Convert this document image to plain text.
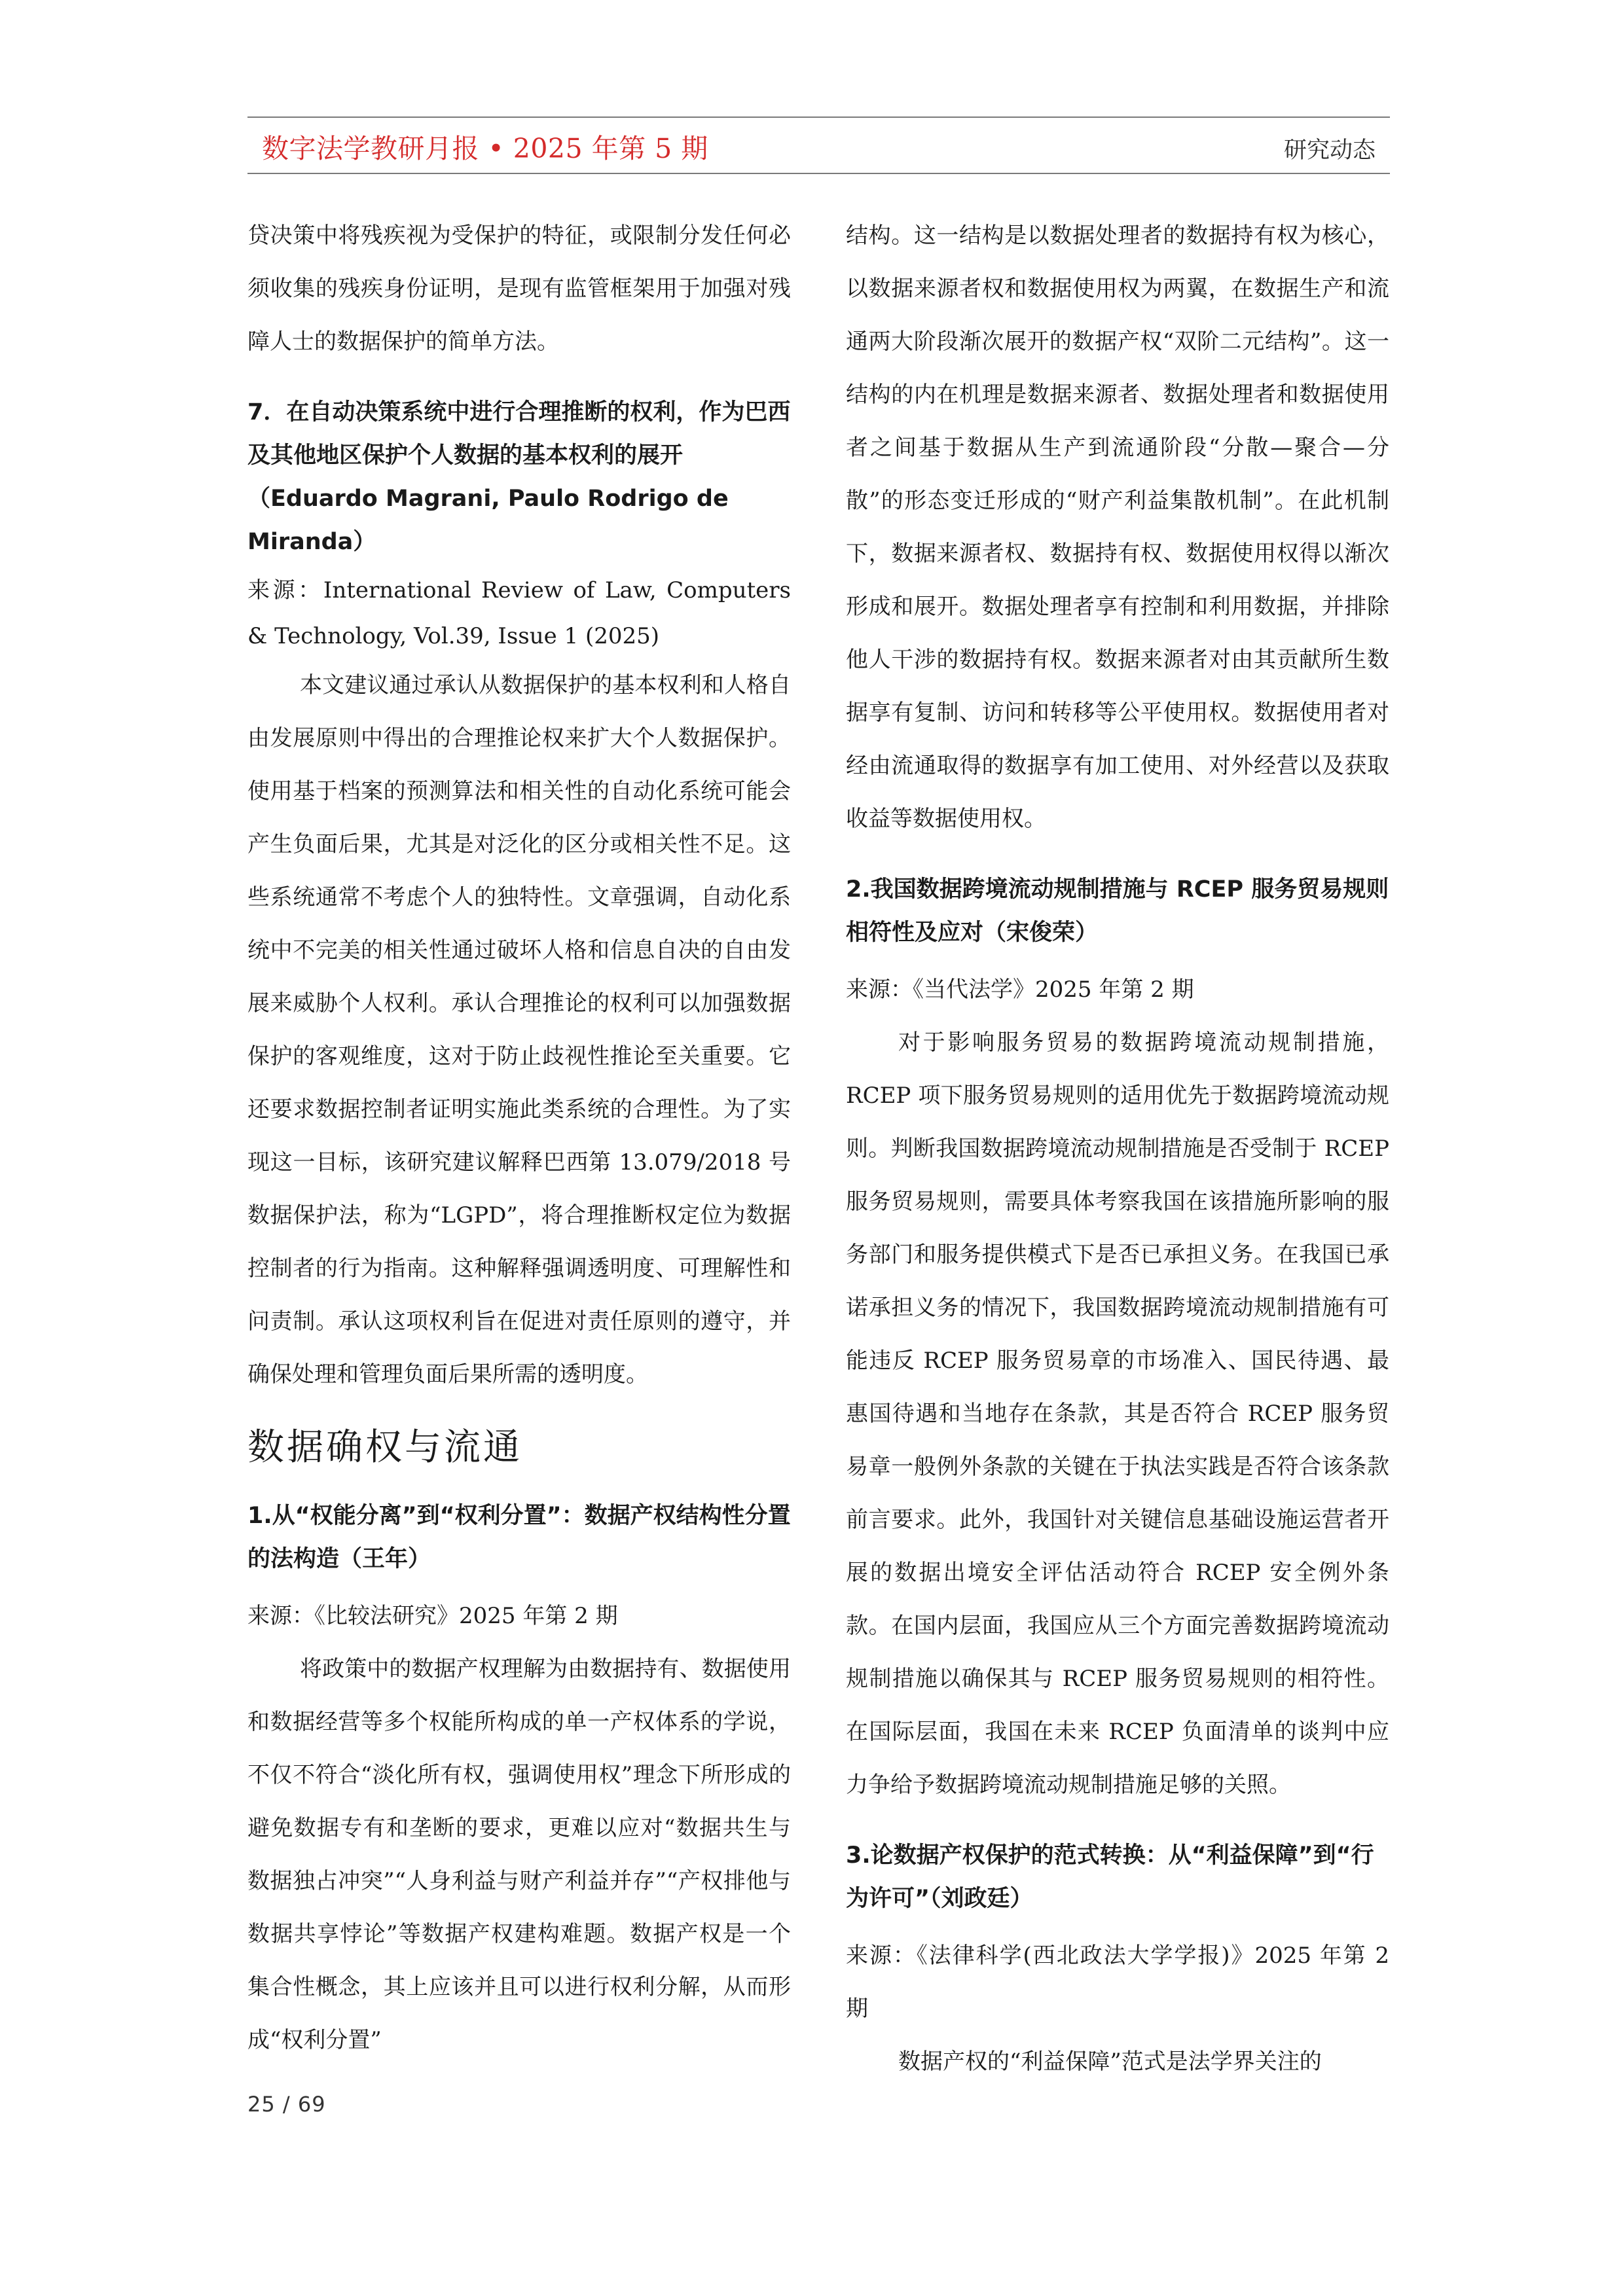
数字法学教研月报 • 2025 年第 5 期	研究动态

贷决策中将残疾视为受保护的特征，或限制分发任何必须收集的残疾身份证明，是现有监管框架用于加强对残障人士的数据保护的简单方法。

7．在自动决策系统中进行合理推断的权利，作为巴西及其他地区保护个人数据的基本权利的展开（Eduardo Magrani, Paulo Rodrigo de Miranda）

来源：International Review of Law, Computers & Technology, Vol.39, Issue 1 (2025)

本文建议通过承认从数据保护的基本权利和人格自由发展原则中得出的合理推论权来扩大个人数据保护。使用基于档案的预测算法和相关性的自动化系统可能会产生负面后果，尤其是对泛化的区分或相关性不足。这些系统通常不考虑个人的独特性。文章强调，自动化系统中不完美的相关性通过破坏人格和信息自决的自由发展来威胁个人权利。承认合理推论的权利可以加强数据保护的客观维度，这对于防止歧视性推论至关重要。它还要求数据控制者证明实施此类系统的合理性。为了实现这一目标，该研究建议解释巴西第 13.079/2018 号数据保护法，称为“LGPD”，将合理推断权定位为数据控制者的行为指南。这种解释强调透明度、可理解性和问责制。承认这项权利旨在促进对责任原则的遵守，并确保处理和管理负面后果所需的透明度。

数据确权与流通

1.从“权能分离”到“权利分置”：数据产权结构性分置的法构造（王年）

来源：《比较法研究》2025 年第 2 期

将政策中的数据产权理解为由数据持有、数据使用和数据经营等多个权能所构成的单一产权体系的学说，不仅不符合“淡化所有权，强调使用权”理念下所形成的避免数据专有和垄断的要求，更难以应对“数据共生与数据独占冲突”“人身利益与财产利益并存”“产权排他与数据共享悖论”等数据产权建构难题。数据产权是一个集合性概念，其上应该并且可以进行权利分解，从而形成“权利分置”

结构。这一结构是以数据处理者的数据持有权为核心，以数据来源者权和数据使用权为两翼，在数据生产和流通两大阶段渐次展开的数据产权“双阶二元结构”。这一结构的内在机理是数据来源者、数据处理者和数据使用者之间基于数据从生产到流通阶段“分散—聚合—分散”的形态变迁形成的“财产利益集散机制”。在此机制下，数据来源者权、数据持有权、数据使用权得以渐次形成和展开。数据处理者享有控制和利用数据，并排除他人干涉的数据持有权。数据来源者对由其贡献所生数据享有复制、访问和转移等公平使用权。数据使用者对经由流通取得的数据享有加工使用、对外经营以及获取收益等数据使用权。

2.我国数据跨境流动规制措施与 RCEP 服务贸易规则相符性及应对（宋俊荣）

来源：《当代法学》2025 年第 2 期

对于影响服务贸易的数据跨境流动规制措施，RCEP 项下服务贸易规则的适用优先于数据跨境流动规则。判断我国数据跨境流动规制措施是否受制于 RCEP 服务贸易规则，需要具体考察我国在该措施所影响的服务部门和服务提供模式下是否已承担义务。在我国已承诺承担义务的情况下，我国数据跨境流动规制措施有可能违反 RCEP 服务贸易章的市场准入、国民待遇、最惠国待遇和当地存在条款，其是否符合 RCEP 服务贸易章一般例外条款的关键在于执法实践是否符合该条款前言要求。此外，我国针对关键信息基础设施运营者开展的数据出境安全评估活动符合 RCEP 安全例外条款。在国内层面，我国应从三个方面完善数据跨境流动规制措施以确保其与 RCEP 服务贸易规则的相符性。在国际层面，我国在未来 RCEP 负面清单的谈判中应力争给予数据跨境流动规制措施足够的关照。

3.论数据产权保护的范式转换：从“利益保障”到“行为许可”（刘政廷）

来源：《法律科学(西北政法大学学报)》2025 年第 2 期

数据产权的“利益保障”范式是法学界关注的

25 / 69
